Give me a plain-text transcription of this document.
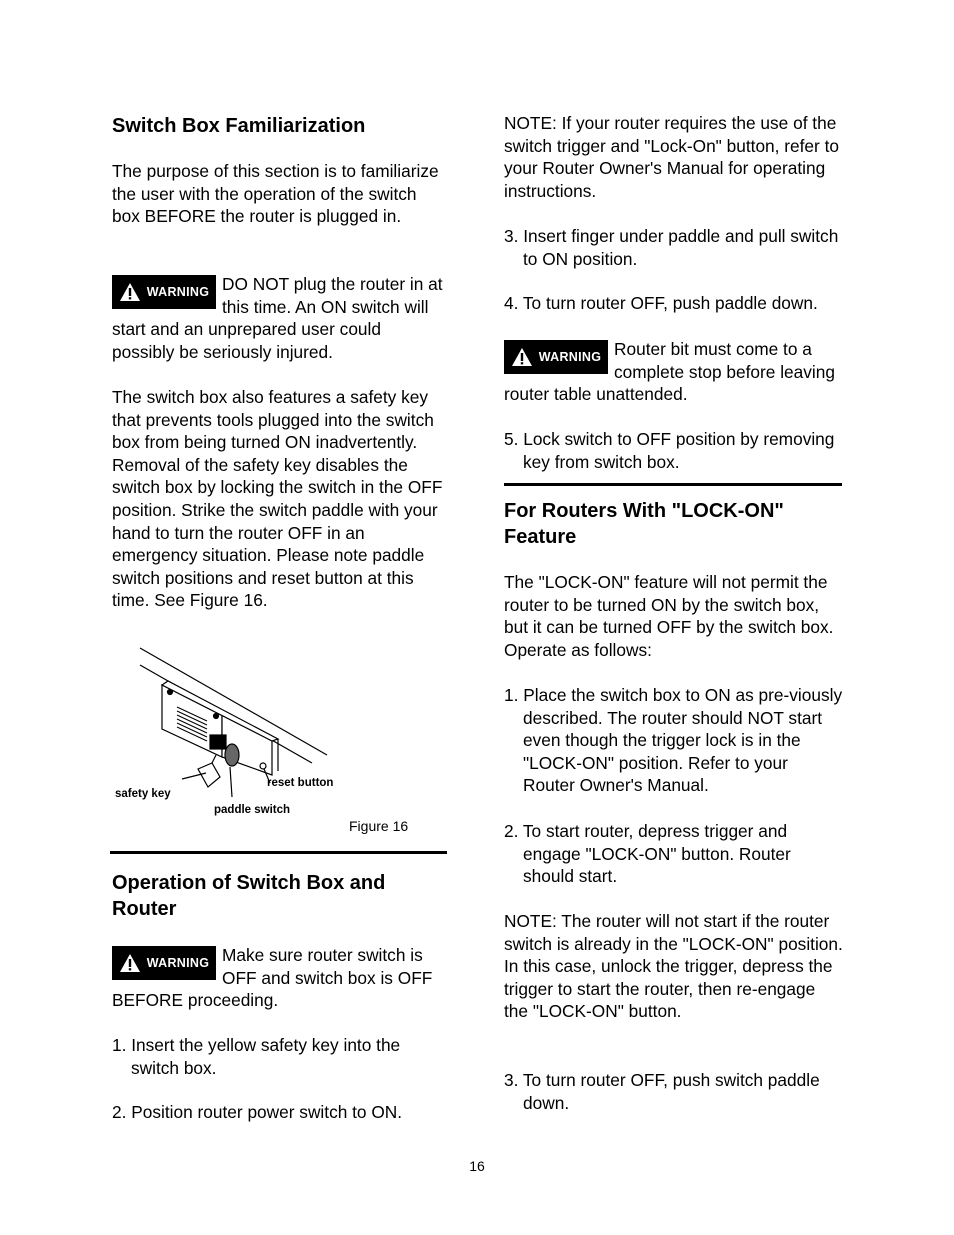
Switch Box Familiarization

The purpose of this section is to familiarize the user with the operation of the switch box BEFORE the router is plugged in.

WARNING DO NOT plug the router in at this time. An ON switch will start and an unprepared user could possibly be seriously injured.

The switch box also features a safety key that prevents tools plugged into the switch box from being turned ON inadvertently. Removal of the safety key disables the switch box by locking the switch in the OFF position. Strike the switch paddle with your hand to turn the router OFF in an emergency situation. Please note paddle switch positions and reset button at this time. See Figure 16.

safety key
reset button
paddle switch
Figure 16
Operation of Switch Box and Router
WARNING Make sure router switch is OFF and switch box is OFF BEFORE proceeding.

1. Insert the yellow safety key into the switch box.

2. Position router power switch to ON.

NOTE: If your router requires the use of the switch trigger and "Lock-On" button, refer to your Router Owner's Manual for operating instructions.

3. Insert finger under paddle and pull switch to ON position.

4. To turn router OFF, push paddle down.

WARNING Router bit must come to a complete stop before leaving router table unattended.

5. Lock switch to OFF position by removing key from switch box.

For Routers With "LOCK-ON" Feature

The "LOCK-ON" feature will not permit the router to be turned ON by the switch box, but it can be turned OFF by the switch box. Operate as follows:

1. Place the switch box to ON as pre-viously described. The router should NOT start even though the trigger lock is in the "LOCK-ON" position. Refer to your Router Owner's Manual.

2. To start router, depress trigger and engage "LOCK-ON" button. Router should start.

NOTE: The router will not start if the router switch is already in the "LOCK-ON" position. In this case, unlock the trigger, depress the trigger to start the router, then re-engage the "LOCK-ON" button.

3. To turn router OFF, push switch paddle down.

16
